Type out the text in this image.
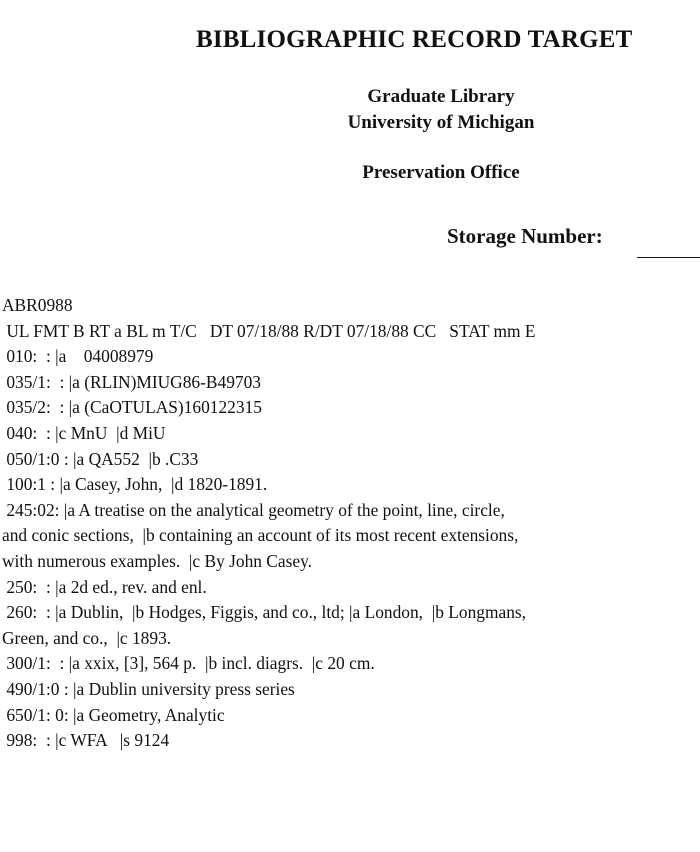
BIBLIOGRAPHIC RECORD TARGET
Graduate Library
University of Michigan
Preservation Office
Storage Number:
ABR0988
UL FMT B RT a BL m T/C   DT 07/18/88 R/DT 07/18/88 CC   STAT mm E
010:  : |a    04008979
035/1:  : |a (RLIN)MIUG86-B49703
035/2:  : |a (CaOTULAS)160122315
040:  : |c MnU  |d MiU
050/1:0 : |a QA552  |b .C33
100:1 : |a Casey, John,  |d 1820-1891.
245:02: |a A treatise on the analytical geometry of the point, line, circle,
and conic sections,  |b containing an account of its most recent extensions,
with numerous examples.  |c By John Casey.
250:  : |a 2d ed., rev. and enl.
260:  : |a Dublin,  |b Hodges, Figgis, and co., ltd; |a London,  |b Longmans,
Green, and co.,  |c 1893.
300/1:  : |a xxix, [3], 564 p.  |b incl. diagrs.  |c 20 cm.
490/1:0 : |a Dublin university press series
650/1: 0: |a Geometry, Analytic
998:  : |c WFA   |s 9124
